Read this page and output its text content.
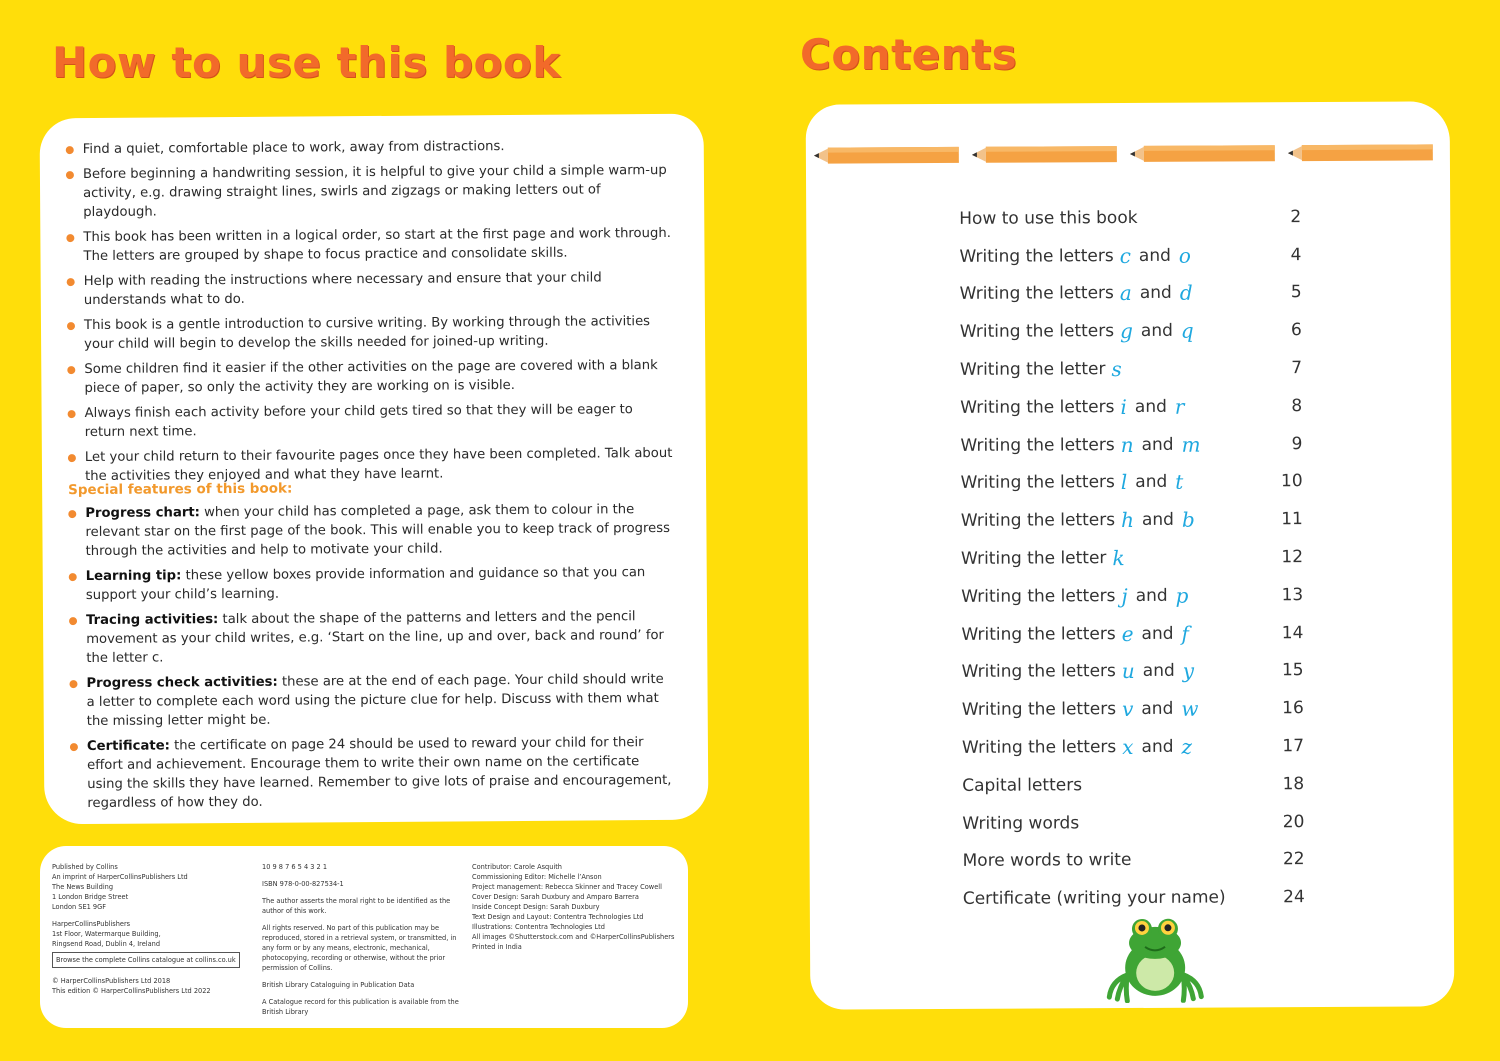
How to use this book	Contents
Find a quiet, comfortable place to work, away from distractions.
Before beginning a handwriting session, it is helpful to give your child a simple warm-up activity, e.g. drawing straight lines, swirls and zigzags or making letters out of playdough.
This book has been written in a logical order, so start at the first page and work through. The letters are grouped by shape to focus practice and consolidate skills.
Help with reading the instructions where necessary and ensure that your child understands what to do.
This book is a gentle introduction to cursive writing. By working through the activities your child will begin to develop the skills needed for joined-up writing.
Some children find it easier if the other activities on the page are covered with a blank piece of paper, so only the activity they are working on is visible.
Always finish each activity before your child gets tired so that they will be eager to return next time.
Let your child return to their favourite pages once they have been completed. Talk about the activities they enjoyed and what they have learnt.
Special features of this book:
Progress chart: when your child has completed a page, ask them to colour in the relevant star on the first page of the book. This will enable you to keep track of progress through the activities and help to motivate your child.
Learning tip: these yellow boxes provide information and guidance so that you can support your child’s learning.
Tracing activities: talk about the shape of the patterns and letters and the pencil movement as your child writes, e.g. ‘Start on the line, up and over, back and round’ for the letter c.
Progress check activities: these are at the end of each page. Your child should write a letter to complete each word using the picture clue for help. Discuss with them what the missing letter might be.
Certificate: the certificate on page 24 should be used to reward your child for their effort and achievement. Encourage them to write their own name on the certificate using the skills they have learned. Remember to give lots of praise and encouragement, regardless of how they do.

Published by Collins

An imprint of HarperCollinsPublishers Ltd

The News Building

1 London Bridge Street

London SE1 9GF

HarperCollinsPublishers

1st Floor, Watermarque Building,

Ringsend Road, Dublin 4, Ireland

Browse the complete Collins catalogue at collins.co.uk

© HarperCollinsPublishers Ltd 2018

This edition © HarperCollinsPublishers Ltd 2022

10 9 8 7 6 5 4 3 2 1

ISBN 978-0-00-827534-1

The author asserts the moral right to be identified as the author of this work.

All rights reserved. No part of this publication may be reproduced, stored in a retrieval system, or transmitted, in any form or by any means, electronic, mechanical, photocopying, recording or otherwise, without the prior permission of Collins.

British Library Cataloguing in Publication Data

A Catalogue record for this publication is available from the British Library

Contributor: Carole Asquith

Commissioning Editor: Michelle l’Anson

Project management: Rebecca Skinner and Tracey Cowell

Cover Design: Sarah Duxbury and Amparo Barrera

Inside Concept Design: Sarah Duxbury

Text Design and Layout: Contentra Technologies Ltd

Illustrations: Contentra Technologies Ltd

All images ©Shutterstock.com and ©HarperCollinsPublishers

Printed in India

How to use this book	2
Writing the letters c and o	4
Writing the letters a and d	5
Writing the letters g and q	6
Writing the letter s	7
Writing the letters i and r	8
Writing the letters n and m	9
Writing the letters l and t	10
Writing the letters h and b	11
Writing the letter k	12
Writing the letters j and p	13
Writing the letters e and f	14
Writing the letters u and y	15
Writing the letters v and w	16
Writing the letters x and z	17
Capital letters	18
Writing words	20
More words to write	22
Certificate (writing your name)	24
